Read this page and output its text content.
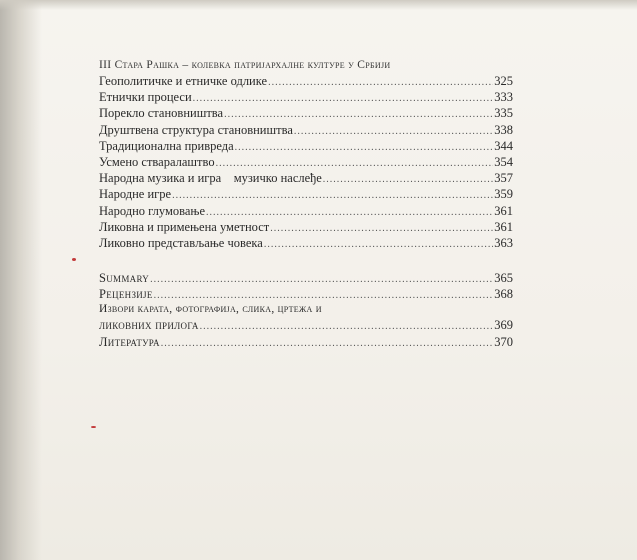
III Стара Рашка – колевка патријархалне културе у Србији
Геополитичке и етничке одлике .....	325
Етнички процеси .....	333
Порекло становништва .....	335
Друштвена структура становништва .....	338
Традиционална привреда .....	344
Усмено стваралаштво .....	354
Народна музика и игра    музичко наслеђе .....	357
Народне игре .....	359
Народно глумовање .....	361
Ликовна и примењена уметност .....	361
Ликовно представљање човека .....	363
Summary .....	365
Рецензије .....	368
Извори карата, фотографија, слика, цртежа и
ликовних прилога .....	369
Литература .....	370
